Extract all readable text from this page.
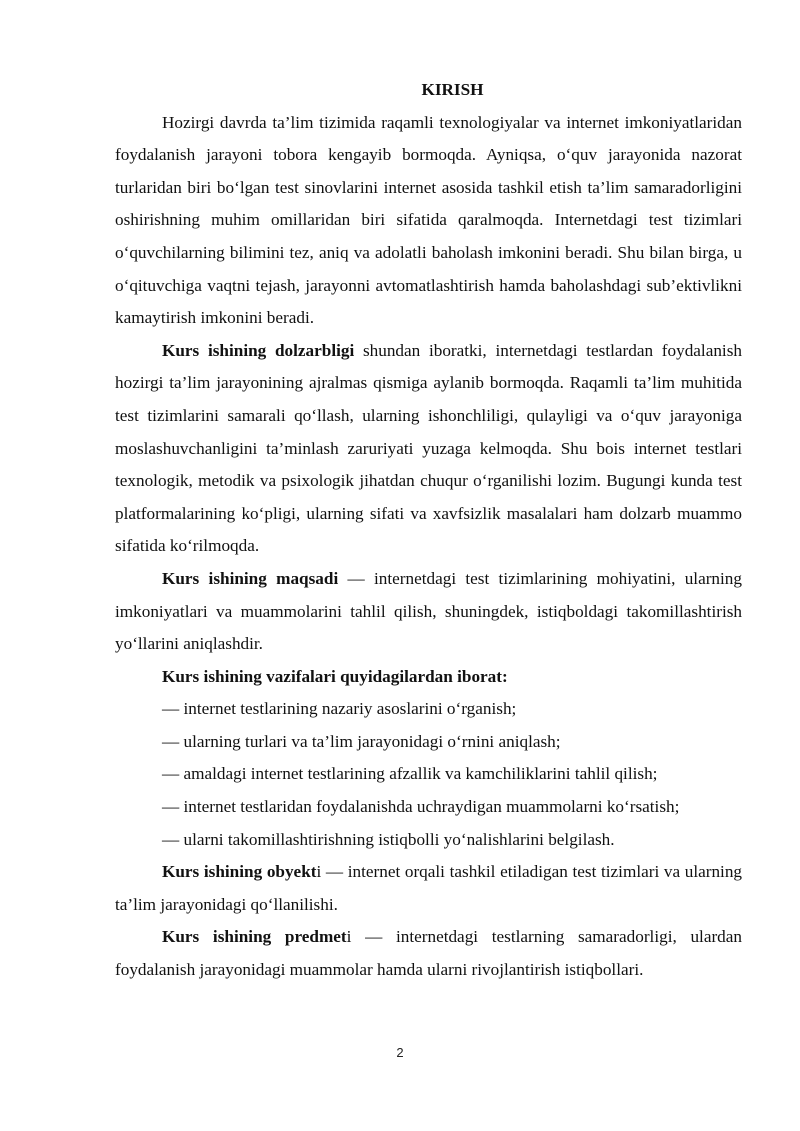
KIRISH

Hozirgi davrda ta’lim tizimida raqamli texnologiyalar va internet imkoniyatlaridan foydalanish jarayoni tobora kengayib bormoqda. Ayniqsa, o‘quv jarayonida nazorat turlaridan biri bo‘lgan test sinovlarini internet asosida tashkil etish ta’lim samaradorligini oshirishning muhim omillaridan biri sifatida qaralmoqda. Internetdagi test tizimlari o‘quvchilarning bilimini tez, aniq va adolatli baholash imkonini beradi. Shu bilan birga, u o‘qituvchiga vaqtni tejash, jarayonni avtomatlashtirish hamda baholashdagi sub’ektivlikni kamaytirish imkonini beradi.

Kurs ishining dolzarbligi shundan iboratki, internetdagi testlardan foydalanish hozirgi ta’lim jarayonining ajralmas qismiga aylanib bormoqda. Raqamli ta’lim muhitida test tizimlarini samarali qo‘llash, ularning ishonchliligi, qulayligi va o‘quv jarayoniga moslashuvchanligini ta’minlash zaruriyati yuzaga kelmoqda. Shu bois internet testlari texnologik, metodik va psixologik jihatdan chuqur o‘rganilishi lozim. Bugungi kunda test platformalarining ko‘pligi, ularning sifati va xavfsizlik masalalari ham dolzarb muammo sifatida ko‘rilmoqda.

Kurs ishining maqsadi — internetdagi test tizimlarining mohiyatini, ularning imkoniyatlari va muammolarini tahlil qilish, shuningdek, istiqboldagi takomillashtirish yo‘llarini aniqlashdir.

Kurs ishining vazifalari quyidagilardan iborat:

— internet testlarining nazariy asoslarini o‘rganish;
— ularning turlari va ta’lim jarayonidagi o‘rnini aniqlash;
— amaldagi internet testlarining afzallik va kamchiliklarini tahlil qilish;
— internet testlaridan foydalanishda uchraydigan muammolarni ko‘rsatish;
— ularni takomillashtirishning istiqbolli yo‘nalishlarini belgilash.

Kurs ishining obyekti — internet orqali tashkil etiladigan test tizimlari va ularning ta’lim jarayonidagi qo‘llanilishi.

Kurs ishining predmeti — internetdagi testlarning samaradorligi, ulardan foydalanish jarayonidagi muammolar hamda ularni rivojlantirish istiqbollari.

2
